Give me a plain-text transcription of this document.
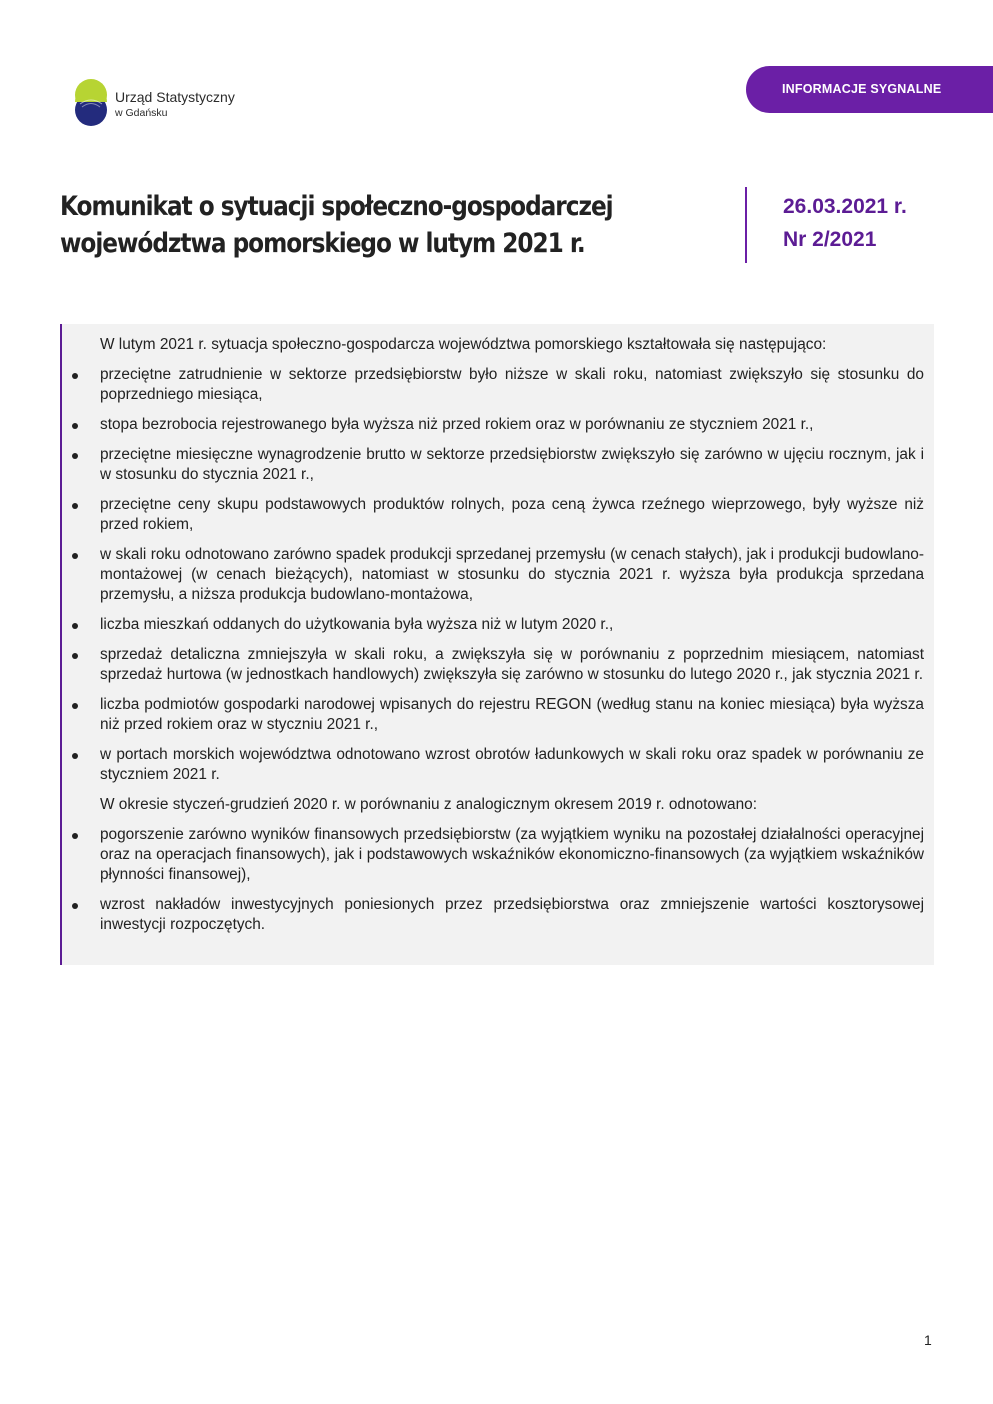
Urząd Statystyczny
w Gdańsku
INFORMACJE SYGNALNE
Komunikat o sytuacji społeczno-gospodarczej
województwa pomorskiego w lutym 2021 r.
26.03.2021 r.
Nr 2/2021

W lutym 2021 r. sytuacja społeczno-gospodarcza województwa pomorskiego kształtowała się następująco:

przeciętne zatrudnienie w sektorze przedsiębiorstw było niższe w skali roku, natomiast zwiększyło się stosunku do poprzedniego miesiąca,
stopa bezrobocia rejestrowanego była wyższa niż przed rokiem oraz w porównaniu ze styczniem 2021 r.,
przeciętne miesięczne wynagrodzenie brutto w sektorze przedsiębiorstw zwiększyło się zarówno w ujęciu rocznym, jak i w stosunku do stycznia 2021 r.,
przeciętne ceny skupu podstawowych produktów rolnych, poza ceną żywca rzeźnego wieprzowego, były wyższe niż przed rokiem,
w skali roku odnotowano zarówno spadek produkcji sprzedanej przemysłu (w cenach stałych), jak i produkcji budowlano-montażowej (w cenach bieżących), natomiast w stosunku do stycznia 2021 r. wyższa była produkcja sprzedana przemysłu, a niższa produkcja budowlano-montażowa,
liczba mieszkań oddanych do użytkowania była wyższa niż w lutym 2020 r.,
sprzedaż detaliczna zmniejszyła w skali roku, a zwiększyła się w porównaniu z poprzednim miesiącem, natomiast sprzedaż hurtowa (w jednostkach handlowych) zwiększyła się zarówno w stosunku do lutego 2020 r., jak stycznia 2021 r.
liczba podmiotów gospodarki narodowej wpisanych do rejestru REGON (według stanu na koniec miesiąca) była wyższa niż przed rokiem oraz w styczniu 2021 r.,
w portach morskich województwa odnotowano wzrost obrotów ładunkowych w skali roku oraz spadek w porównaniu ze styczniem 2021 r.

W okresie styczeń-grudzień 2020 r. w porównaniu z analogicznym okresem 2019 r. odnotowano:

pogorszenie zarówno wyników finansowych przedsiębiorstw (za wyjątkiem wyniku na pozostałej działalności operacyjnej oraz na operacjach finansowych), jak i podstawowych wskaźników ekonomiczno-finansowych (za wyjątkiem wskaźników płynności finansowej),
wzrost nakładów inwestycyjnych poniesionych przez przedsiębiorstwa oraz zmniejszenie wartości kosztorysowej inwestycji rozpoczętych.
1
